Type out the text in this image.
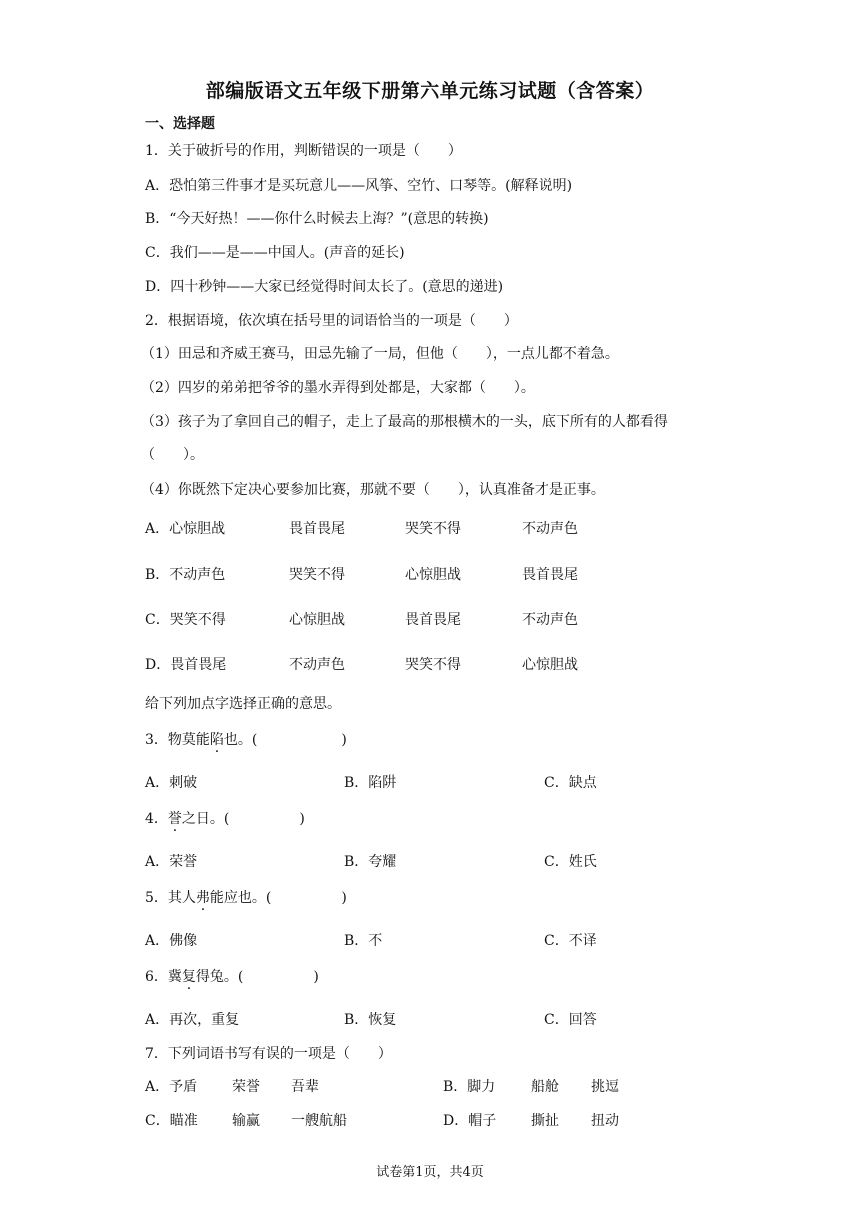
部编版语文五年级下册第六单元练习试题（含答案）
一、选择题
1．关于破折号的作用，判断错误的一项是（　　）
A．恐怕第三件事才是买玩意儿——风筝、空竹、口琴等。(解释说明)
B．“今天好热！——你什么时候去上海？”(意思的转换)
C．我们——是——中国人。(声音的延长)
D．四十秒钟——大家已经觉得时间太长了。(意思的递进)
2．根据语境，依次填在括号里的词语恰当的一项是（　　）
（1）田忌和齐威王赛马，田忌先输了一局，但他（　　），一点儿都不着急。
（2）四岁的弟弟把爷爷的墨水弄得到处都是，大家都（　　）。
（3）孩子为了拿回自己的帽子，走上了最高的那根横木的一头，底下所有的人都看得
（　　）。
（4）你既然下定决心要参加比赛，那就不要（　　），认真准备才是正事。
A．心惊胆战	畏首畏尾	哭笑不得	不动声色
B．不动声色	哭笑不得	心惊胆战	畏首畏尾
C．哭笑不得	心惊胆战	畏首畏尾	不动声色
D．畏首畏尾	不动声色	哭笑不得	心惊胆战
给下列加点字选择正确的意思。
3．物莫能陷也。(　　　　　　)
A．刺破	B．陷阱	C．缺点
4．誉之日。(　　　　　)
A．荣誉	B．夸耀	C．姓氏
5．其人弗能应也。(　　　　　)
A．佛像	B．不	C．不译
6．冀复得兔。(　　　　　)
A．再次，重复	B．恢复	C．回答
7．下列词语书写有误的一项是（　　）
A．予盾 荣誉 吾辈	B．脚力	船舱 挑逗
C．瞄准 输赢 一艘航船	D．帽子 撕扯 扭动
试卷第1页，共4页
